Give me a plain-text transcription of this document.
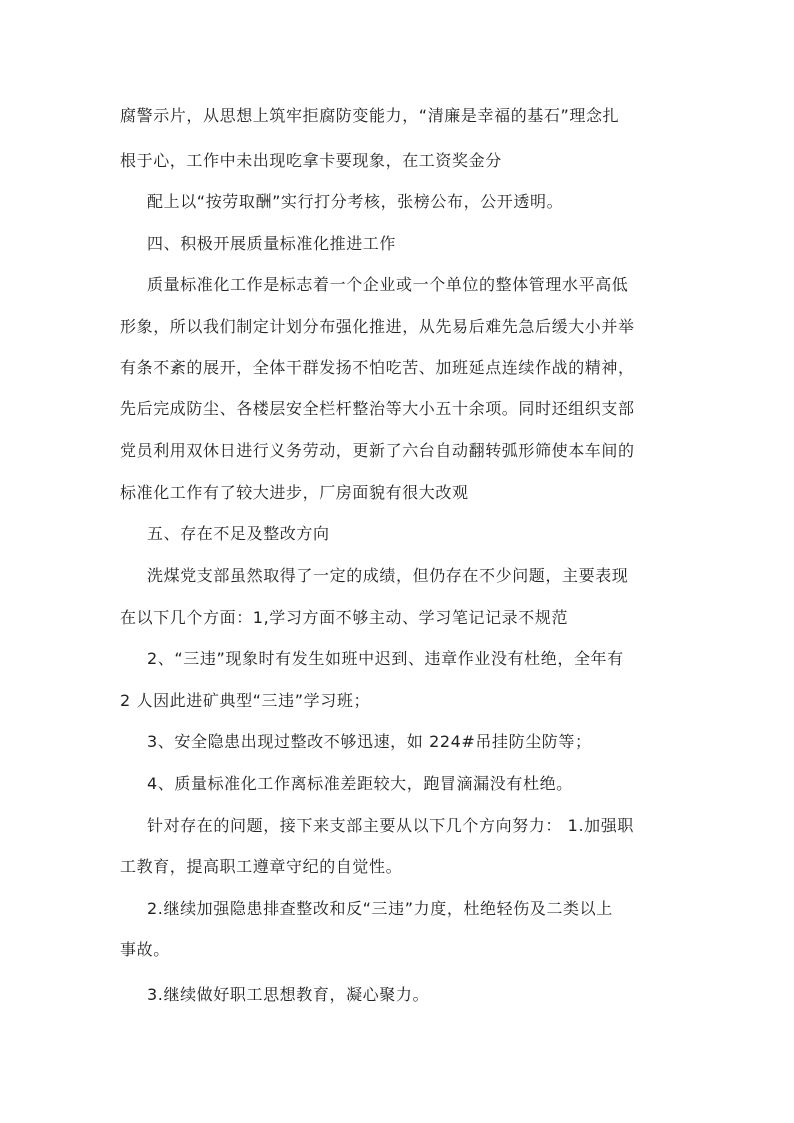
腐警示片，从思想上筑牢拒腐防变能力，“清廉是幸福的基石”理念扎
根于心，工作中未出现吃拿卡要现象，在工资奖金分
配上以“按劳取酬”实行打分考核，张榜公布，公开透明。
四、积极开展质量标准化推进工作
质量标准化工作是标志着一个企业或一个单位的整体管理水平高低
形象，所以我们制定计划分布强化推进，从先易后难先急后缓大小并举
有条不紊的展开，全体干群发扬不怕吃苦、加班延点连续作战的精神，
先后完成防尘、各楼层安全栏杆整治等大小五十余项。同时还组织支部
党员利用双休日进行义务劳动，更新了六台自动翻转弧形筛使本车间的
标准化工作有了较大进步，厂房面貌有很大改观
五、存在不足及整改方向
洗煤党支部虽然取得了一定的成绩，但仍存在不少问题，主要表现
在以下几个方面：1,学习方面不够主动、学习笔记记录不规范
2、“三违”现象时有发生如班中迟到、违章作业没有杜绝，全年有
2 人因此进矿典型“三违”学习班；
3、安全隐患出现过整改不够迅速，如 224#吊挂防尘防等；
4、质量标准化工作离标准差距较大，跑冒滴漏没有杜绝。
针对存在的问题，接下来支部主要从以下几个方向努力： 1.加强职
工教育，提高职工遵章守纪的自觉性。
2.继续加强隐患排查整改和反“三违”力度，杜绝轻伤及二类以上
事故。
3.继续做好职工思想教育，凝心聚力。
